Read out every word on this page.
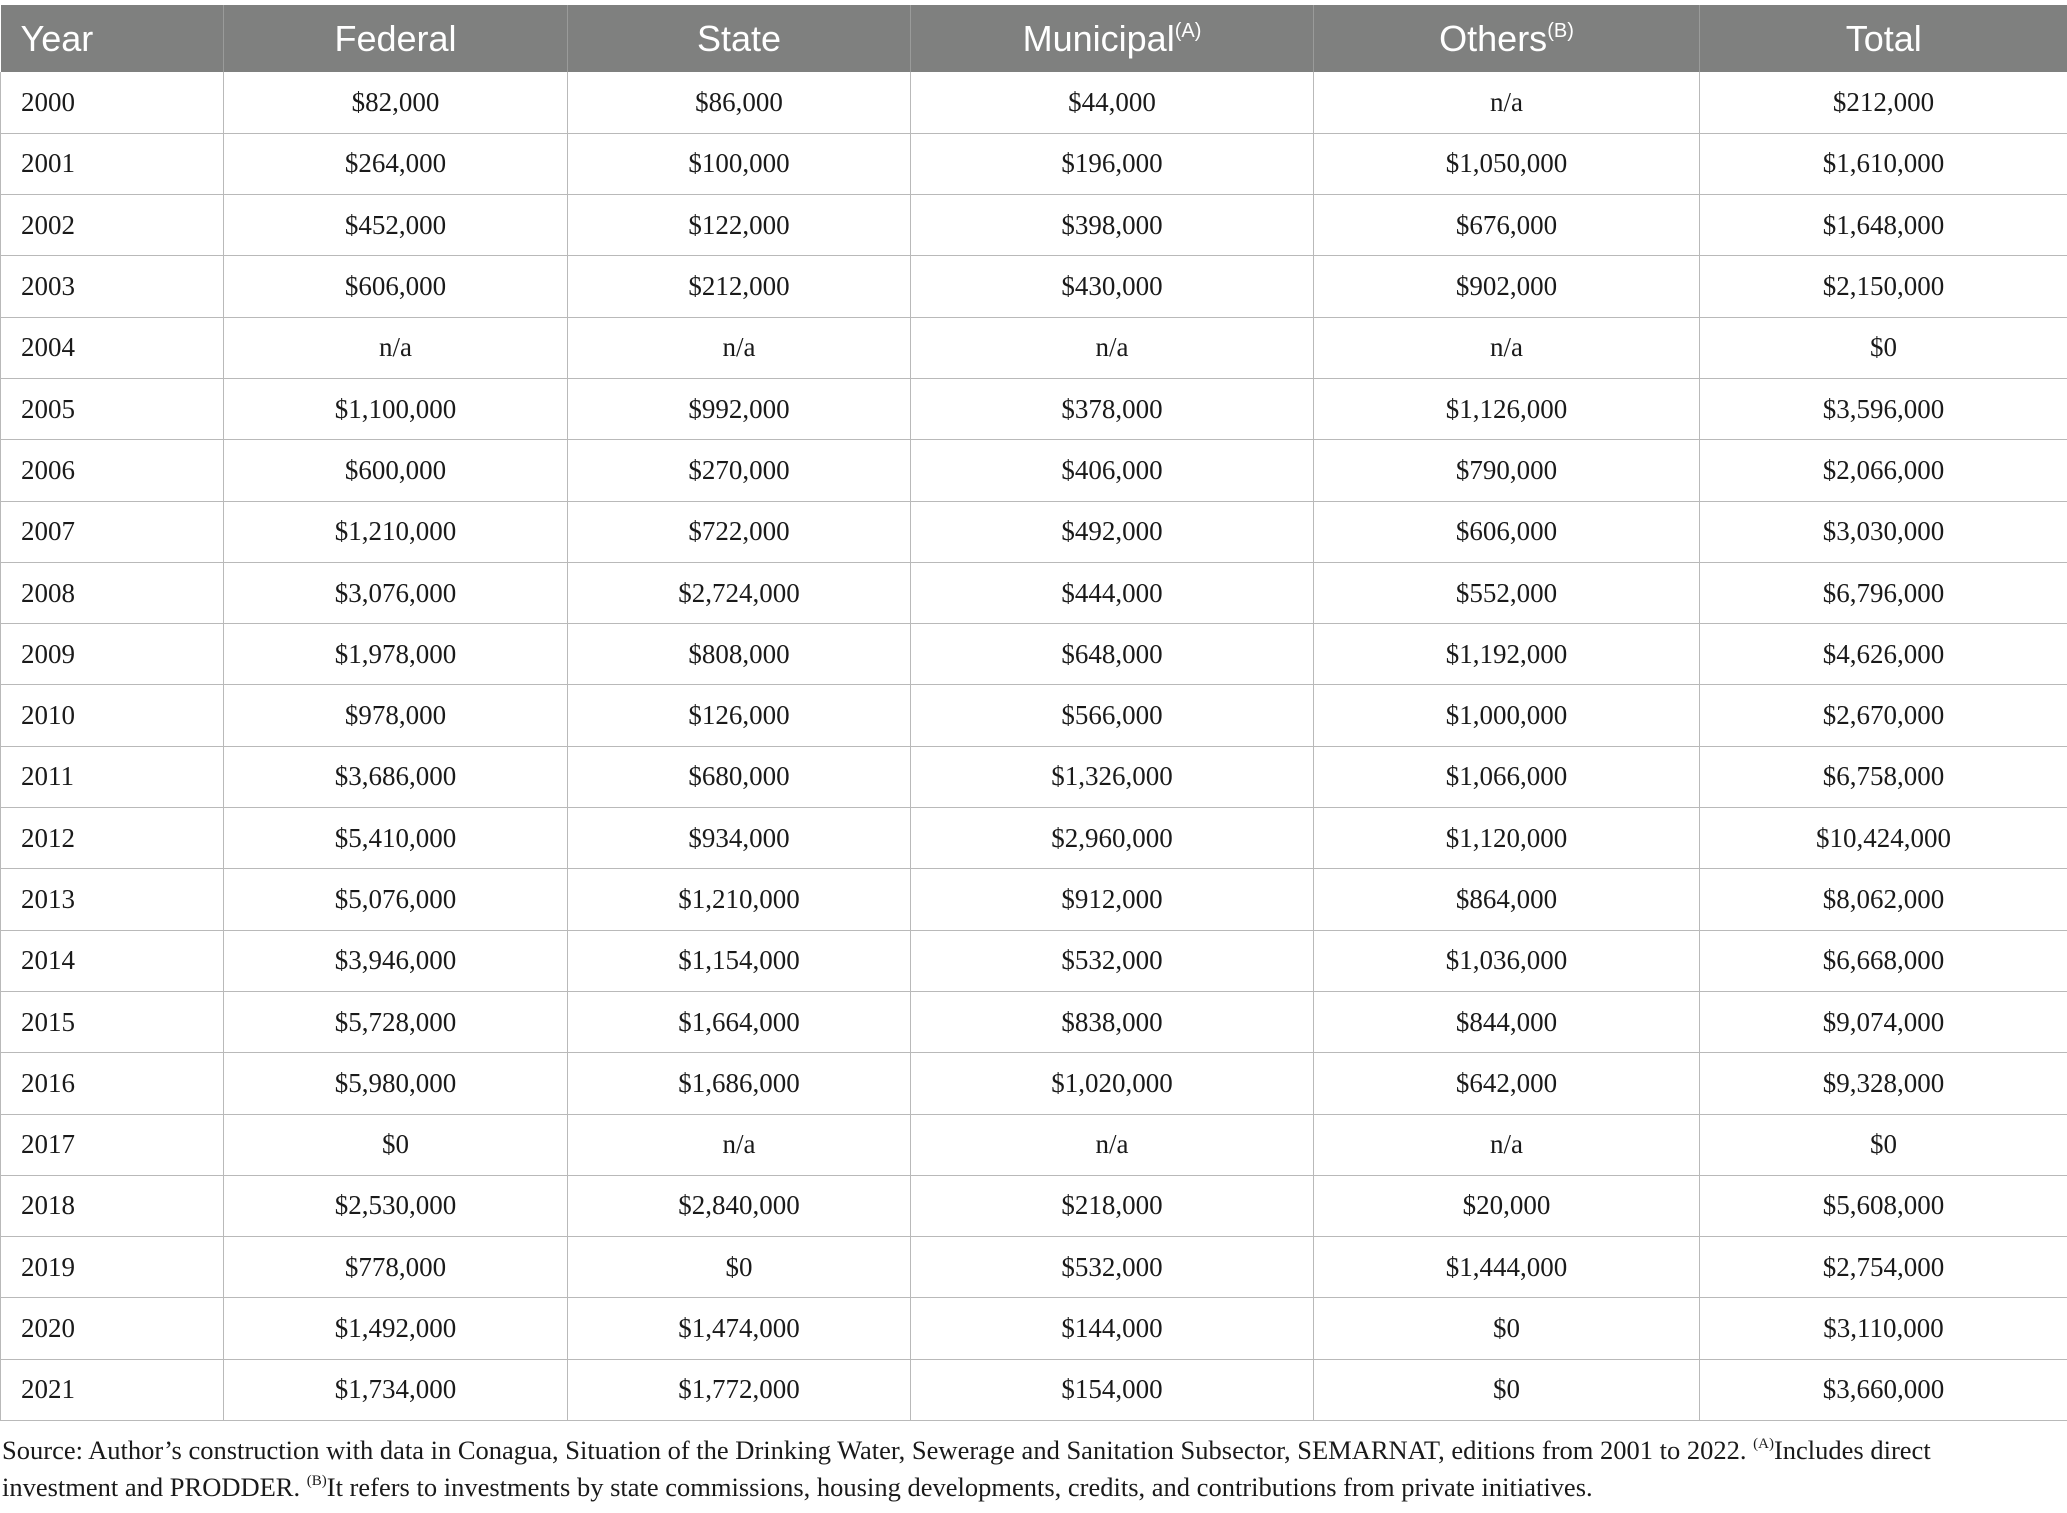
Year	Federal	State	Municipal$^{(A)}$	Others$^{(B)}$	Total
2000	$82,000	$86,000	$44,000	n/a	$212,000
2001	$264,000	$100,000	$196,000	$1,050,000	$1,610,000
2002	$452,000	$122,000	$398,000	$676,000	$1,648,000
2003	$606,000	$212,000	$430,000	$902,000	$2,150,000
2004	n/a	n/a	n/a	n/a	$0
2005	$1,100,000	$992,000	$378,000	$1,126,000	$3,596,000
2006	$600,000	$270,000	$406,000	$790,000	$2,066,000
2007	$1,210,000	$722,000	$492,000	$606,000	$3,030,000
2008	$3,076,000	$2,724,000	$444,000	$552,000	$6,796,000
2009	$1,978,000	$808,000	$648,000	$1,192,000	$4,626,000
2010	$978,000	$126,000	$566,000	$1,000,000	$2,670,000
2011	$3,686,000	$680,000	$1,326,000	$1,066,000	$6,758,000
2012	$5,410,000	$934,000	$2,960,000	$1,120,000	$10,424,000
2013	$5,076,000	$1,210,000	$912,000	$864,000	$8,062,000
2014	$3,946,000	$1,154,000	$532,000	$1,036,000	$6,668,000
2015	$5,728,000	$1,664,000	$838,000	$844,000	$9,074,000
2016	$5,980,000	$1,686,000	$1,020,000	$642,000	$9,328,000
2017	$0	n/a	n/a	n/a	$0
2018	$2,530,000	$2,840,000	$218,000	$20,000	$5,608,000
2019	$778,000	$0	$532,000	$1,444,000	$2,754,000
2020	$1,492,000	$1,474,000	$144,000	$0	$3,110,000
2021	$1,734,000	$1,772,000	$154,000	$0	$3,660,000
Source: Author’s construction with data in Conagua, Situation of the Drinking Water, Sewerage and Sanitation Subsector, SEMARNAT, editions from 2001 to 2022. $^{(A)}$Includes direct investment and PRODDER. $^{(B)}$It refers to investments by state commissions, housing developments, credits, and contributions from private initiatives.
